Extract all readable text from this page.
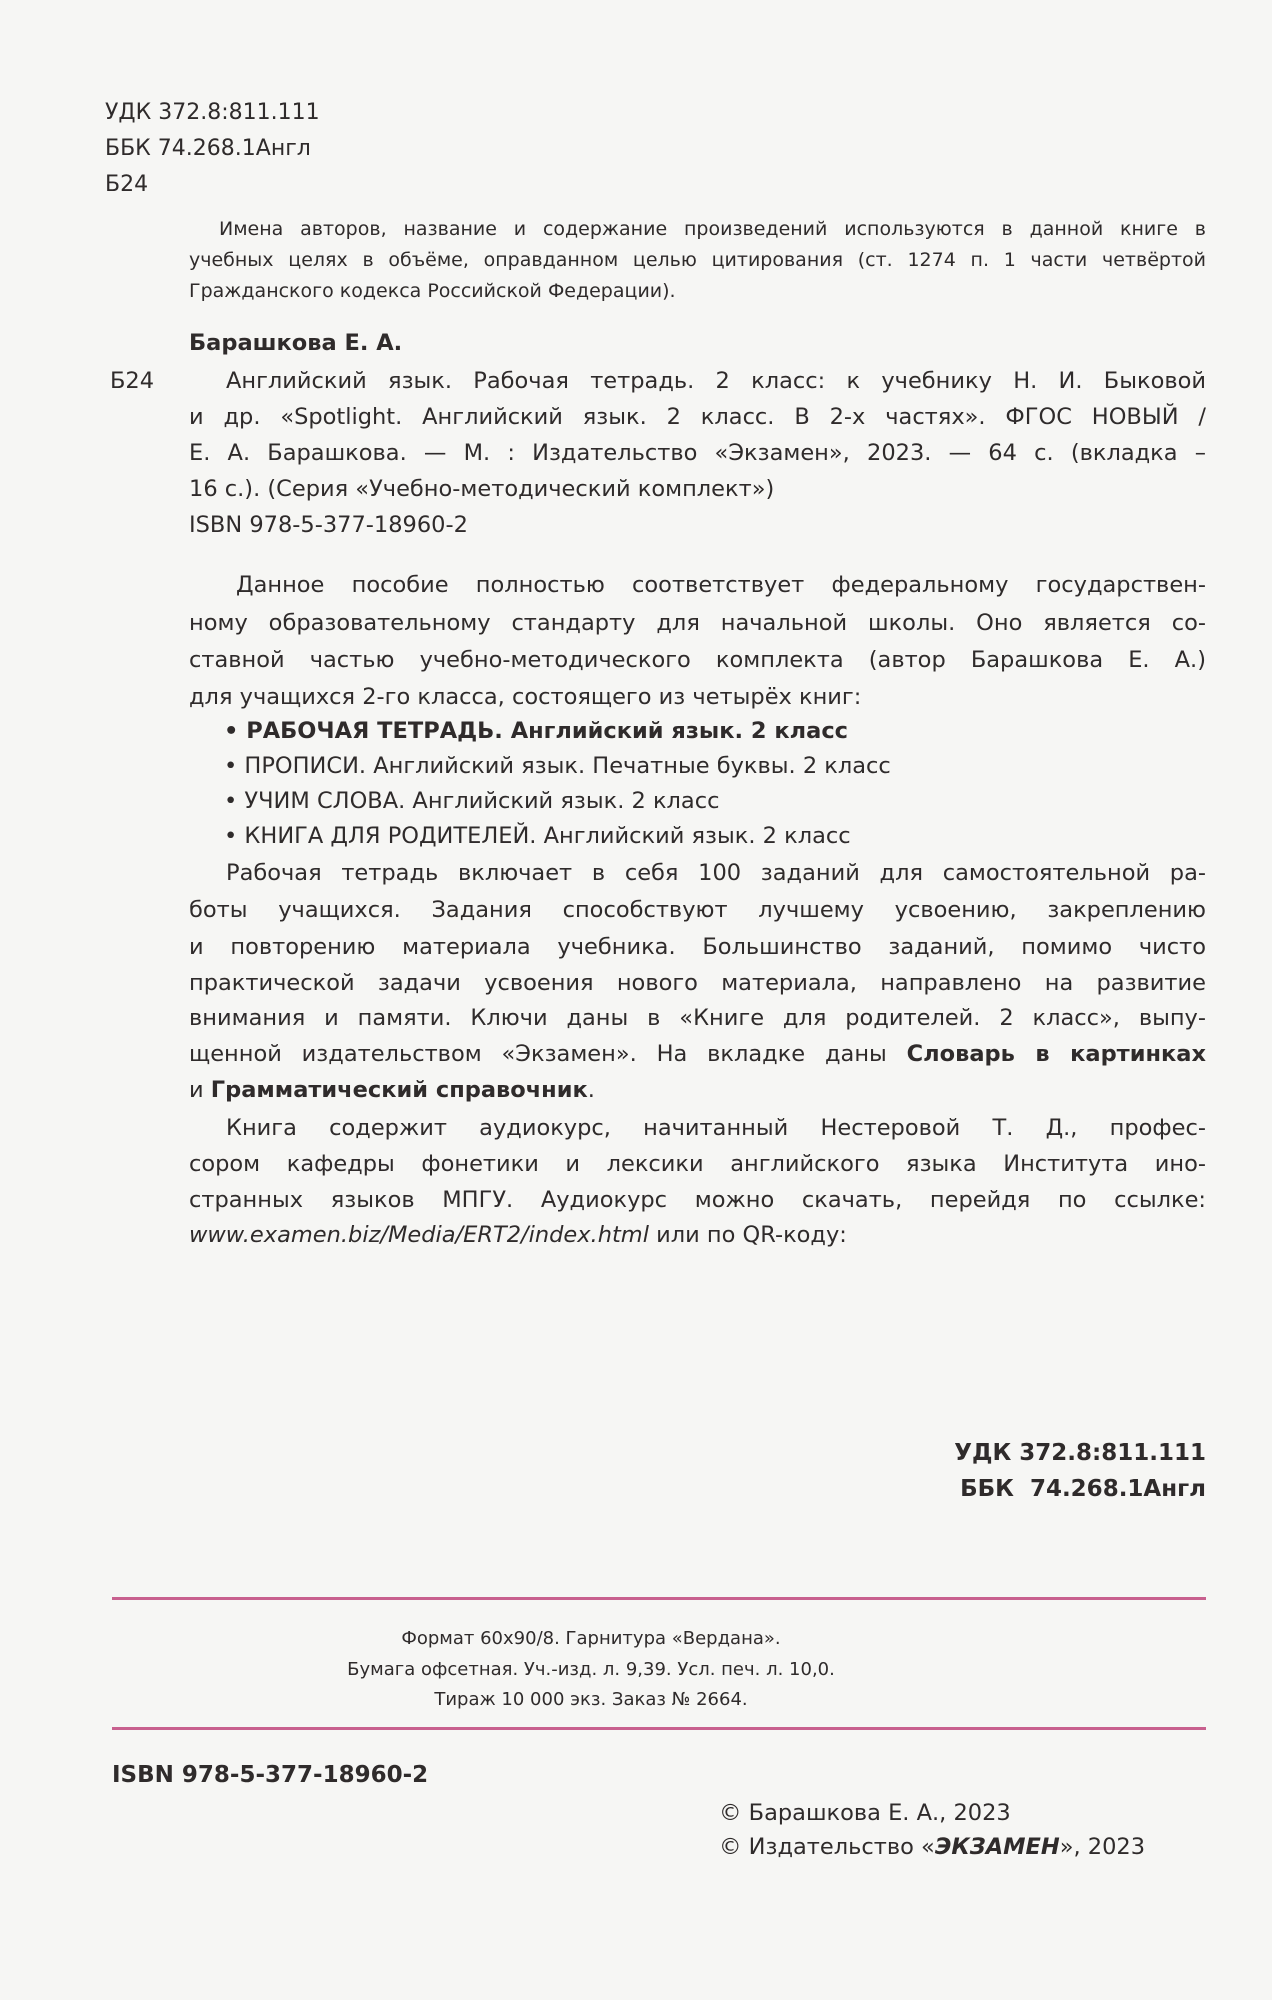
УДК 372.8:811.111
ББК 74.268.1Англ
Б24
Имена авторов, название и содержание произведений используются в данной книге в
учебных целях в объёме, оправданном целью цитирования (ст. 1274 п. 1 части четвёртой
Гражданского кодекса Российской Федерации).
Барашкова Е. А.
Б24	Английский язык. Рабочая тетрадь. 2 класс: к учебнику Н. И. Быковой
и др. «Spotlight. Английский язык. 2 класс. В 2-х частях». ФГОС НОВЫЙ /
Е. А. Барашкова. — М. : Издательство «Экзамен», 2023. — 64 с. (вкладка –
16 с.). (Серия «Учебно-методический комплект»)
ISBN 978-5-377-18960-2
Данное пособие полностью соответствует федеральному государствен-
ному образовательному стандарту для начальной школы. Оно является со-
ставной частью учебно-методического комплекта (автор Барашкова Е. А.)
для учащихся 2-го класса, состоящего из четырёх книг:
• РАБОЧАЯ ТЕТРАДЬ. Английский язык. 2 класс
• ПРОПИСИ. Английский язык. Печатные буквы. 2 класс
• УЧИМ СЛОВА. Английский язык. 2 класс
• КНИГА ДЛЯ РОДИТЕЛЕЙ. Английский язык. 2 класс
Рабочая тетрадь включает в себя 100 заданий для самостоятельной ра-
боты учащихся. Задания способствуют лучшему усвоению, закреплению
и повторению материала учебника. Большинство заданий, помимо чисто
практической задачи усвоения нового материала, направлено на развитие
внимания и памяти. Ключи даны в «Книге для родителей. 2 класс», выпу-
щенной издательством «Экзамен». На вкладке даны Словарь в картинках
и Грамматический справочник.
Книга содержит аудиокурс, начитанный Нестеровой Т. Д., профес-
сором кафедры фонетики и лексики английского языка Института ино-
странных языков МПГУ. Аудиокурс можно скачать, перейдя по ссылке:
www.examen.biz/Media/ERT2/index.html или по QR-коду:
УДК 372.8:811.111
ББК  74.268.1Англ
Формат 60х90/8. Гарнитура «Вердана».
Бумага офсетная. Уч.-изд. л. 9,39. Усл. печ. л. 10,0.
Тираж 10 000 экз. Заказ № 2664.
ISBN 978-5-377-18960-2
© Барашкова Е. А., 2023
© Издательство «ЭКЗАМЕН», 2023
